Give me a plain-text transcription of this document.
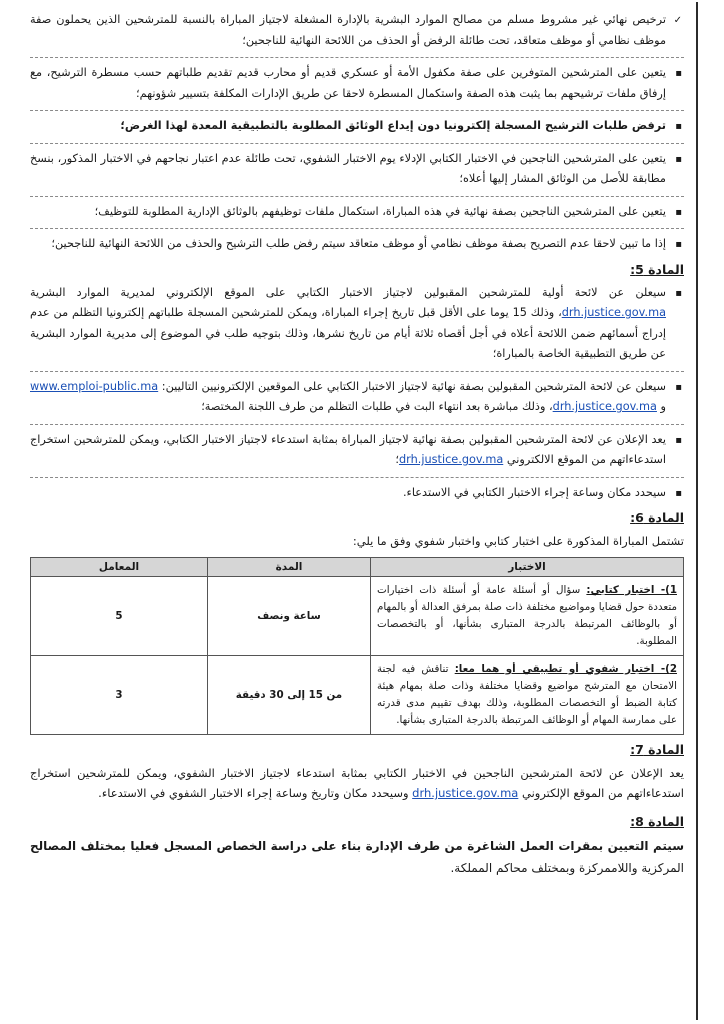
✓
ترخيص نهائي غير مشروط مسلم من مصالح الموارد البشرية بالإدارة المشغلة لاجتياز المباراة بالنسبة للمترشحين الذين يحملون صفة موظف نظامي أو موظف متعاقد، تحت طائلة الرفض أو الحذف من اللائحة النهائية للناجحين؛
▪
يتعين على المترشحين المتوفرين على صفة مكفول الأمة أو عسكري قديم أو محارب قديم تقديم طلباتهم حسب مسطرة الترشيح، مع إرفاق ملفات ترشيحهم بما يثبت هذه الصفة واستكمال المسطرة لاحقا عن طريق الإدارات المكلفة بتسيير شؤونهم؛
▪
ترفض طلبات الترشيح المسجلة إلكترونيا دون إيداع الوثائق المطلوبة بالتطبيقية المعدة لهذا الغرض؛
▪
يتعين على المترشحين الناجحين في الاختبار الكتابي الإدلاء يوم الاختبار الشفوي، تحت طائلة عدم اعتبار نجاحهم في الاختبار المذكور، بنسخ مطابقة للأصل من الوثائق المشار إليها أعلاه؛
▪
يتعين على المترشحين الناجحين بصفة نهائية في هذه المباراة، استكمال ملفات توظيفهم بالوثائق الإدارية المطلوبة للتوظيف؛
▪
إذا ما تبين لاحقا عدم التصريح بصفة موظف نظامي أو موظف متعاقد سيتم رفض طلب الترشيح والحذف من اللائحة النهائية للناجحين؛
المادة 5:
▪
سيعلن عن لائحة أولية للمترشحين المقبولين لاجتياز الاختبار الكتابي على الموقع الإلكتروني لمديرية الموارد البشرية drh.justice.gov.ma، وذلك 15 يوما على الأقل قبل تاريخ إجراء المباراة، ويمكن للمترشحين المسجلة طلباتهم إلكترونيا التظلم من عدم إدراج أسمائهم ضمن اللائحة أعلاه في أجل أقصاه ثلاثة أيام من تاريخ نشرها، وذلك بتوجيه طلب في الموضوع إلى مديرية الموارد البشرية عن طريق التطبيقية الخاصة بالمباراة؛
▪
سيعلن عن لائحة المترشحين المقبولين بصفة نهائية لاجتياز الاختبار الكتابي على الموقعين الإلكترونيين التاليين: www.emploi-public.ma و drh.justice.gov.ma، وذلك مباشرة بعد انتهاء البت في طلبات التظلم من طرف اللجنة المختصة؛
▪
يعد الإعلان عن لائحة المترشحين المقبولين بصفة نهائية لاجتياز المباراة بمثابة استدعاء لاجتياز الاختبار الكتابي، ويمكن للمترشحين استخراج استدعاءاتهم من الموقع الالكتروني drh.justice.gov.ma؛
▪
سيحدد مكان وساعة إجراء الاختبار الكتابي في الاستدعاء.
المادة 6:
تشتمل المباراة المذكورة على اختبار كتابي واختبار شفوي وفق ما يلي:
الاختبار	المدة	المعامل
1)- اختبار كتابي: سؤال أو أسئلة عامة أو أسئلة ذات اختيارات متعددة حول قضايا ومواضيع مختلفة ذات صلة بمرفق العدالة أو بالمهام أو بالوظائف المرتبطة بالدرجة المتبارى بشأنها، أو بالتخصصات المطلوبة.	ساعة ونصف	5
2)- اختبار شفوي أو تطبيقي أو هما معا: تناقش فيه لجنة الامتحان مع المترشح مواضيع وقضايا مختلفة وذات صلة بمهام هيئة كتابة الضبط أو التخصصات المطلوبة، وذلك بهدف تقييم مدى قدرته على ممارسة المهام أو الوظائف المرتبطة بالدرجة المتبارى بشأنها.	من 15 إلى 30 دقيقة	3
المادة 7:
يعد الإعلان عن لائحة المترشحين الناجحين في الاختبار الكتابي بمثابة استدعاء لاجتياز الاختبار الشفوي، ويمكن للمترشحين استخراج استدعاءاتهم من الموقع الإلكتروني drh.justice.gov.ma وسيحدد مكان وتاريخ وساعة إجراء الاختبار الشفوي في الاستدعاء.
المادة 8:
سيتم التعيين بمقرات العمل الشاغرة من طرف الإدارة بناء على دراسة الخصاص المسجل فعليا بمختلف المصالح المركزية واللاممركزة وبمختلف محاكم المملكة.
